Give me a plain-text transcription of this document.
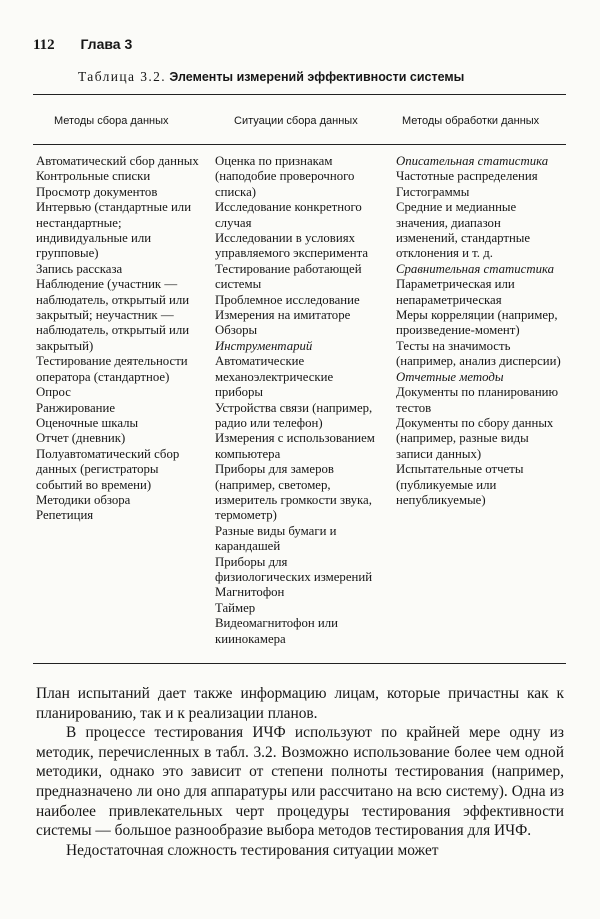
112 Глава 3
Таблица 3.2. Элементы измерений эффективности системы
Методы сбора данных	Ситуации сбора данных	Методы обработки данных

Автоматический сбор данных

Контрольные списки

Просмотр документов

Интервью (стандартные или нестандартные; индивидуальные или групповые)

Запись рассказа

Наблюдение (участник — наблюдатель, открытый или закрытый; неучастник — наблюдатель, открытый или закрытый)

Тестирование деятельности оператора (стандартное)

Опрос

Ранжирование

Оценочные шкалы

Отчет (дневник)

Полуавтоматический сбор данных (регистраторы событий во времени)

Методики обзора

Репетиция

Оценка по признакам (наподобие проверочного списка)

Исследование конкретного случая

Исследовании в условиях управляемого эксперимента

Тестирование работающей системы

Проблемное исследование

Измерения на имитаторе

Обзоры

Инструментарий

Автоматические механоэлектрические приборы

Устройства связи (например, радио или телефон)

Измерения с использованием компьютера

Приборы для замеров (например, светомер, измеритель громкости звука, термометр)

Разные виды бумаги и карандашей

Приборы для физиологических измерений

Магнитофон

Таймер

Видеомагнитофон или киинокамера

Описательная статистика

Частотные распределения

Гистограммы

Средние и медианные значения, диапазон изменений, стандартные отклонения и т. д.

Сравнительная статистика

Параметрическая или непараметрическая

Меры корреляции (например, произведение-момент)

Тесты на значимость (например, анализ дисперсии)

Отчетные методы

Документы по планированию тестов

Документы по сбору данных (например, разные виды записи данных)

Испытательные отчеты (публикуемые или непубликуемые)

План испытаний дает также информацию лицам, которые причастны как к планированию, так и к реализации планов.

В процессе тестирования ИЧФ используют по крайней мере одну из методик, перечисленных в табл. 3.2. Возможно использование более чем одной методики, однако это зависит от степени полноты тестирования (например, предназначено ли оно для аппаратуры или рассчитано на всю систему). Одна из наиболее привлекательных черт процедуры тестирования эффективности системы — большое разнообразие выбора методов тестирования для ИЧФ.

Недостаточная сложность тестирования ситуации может
